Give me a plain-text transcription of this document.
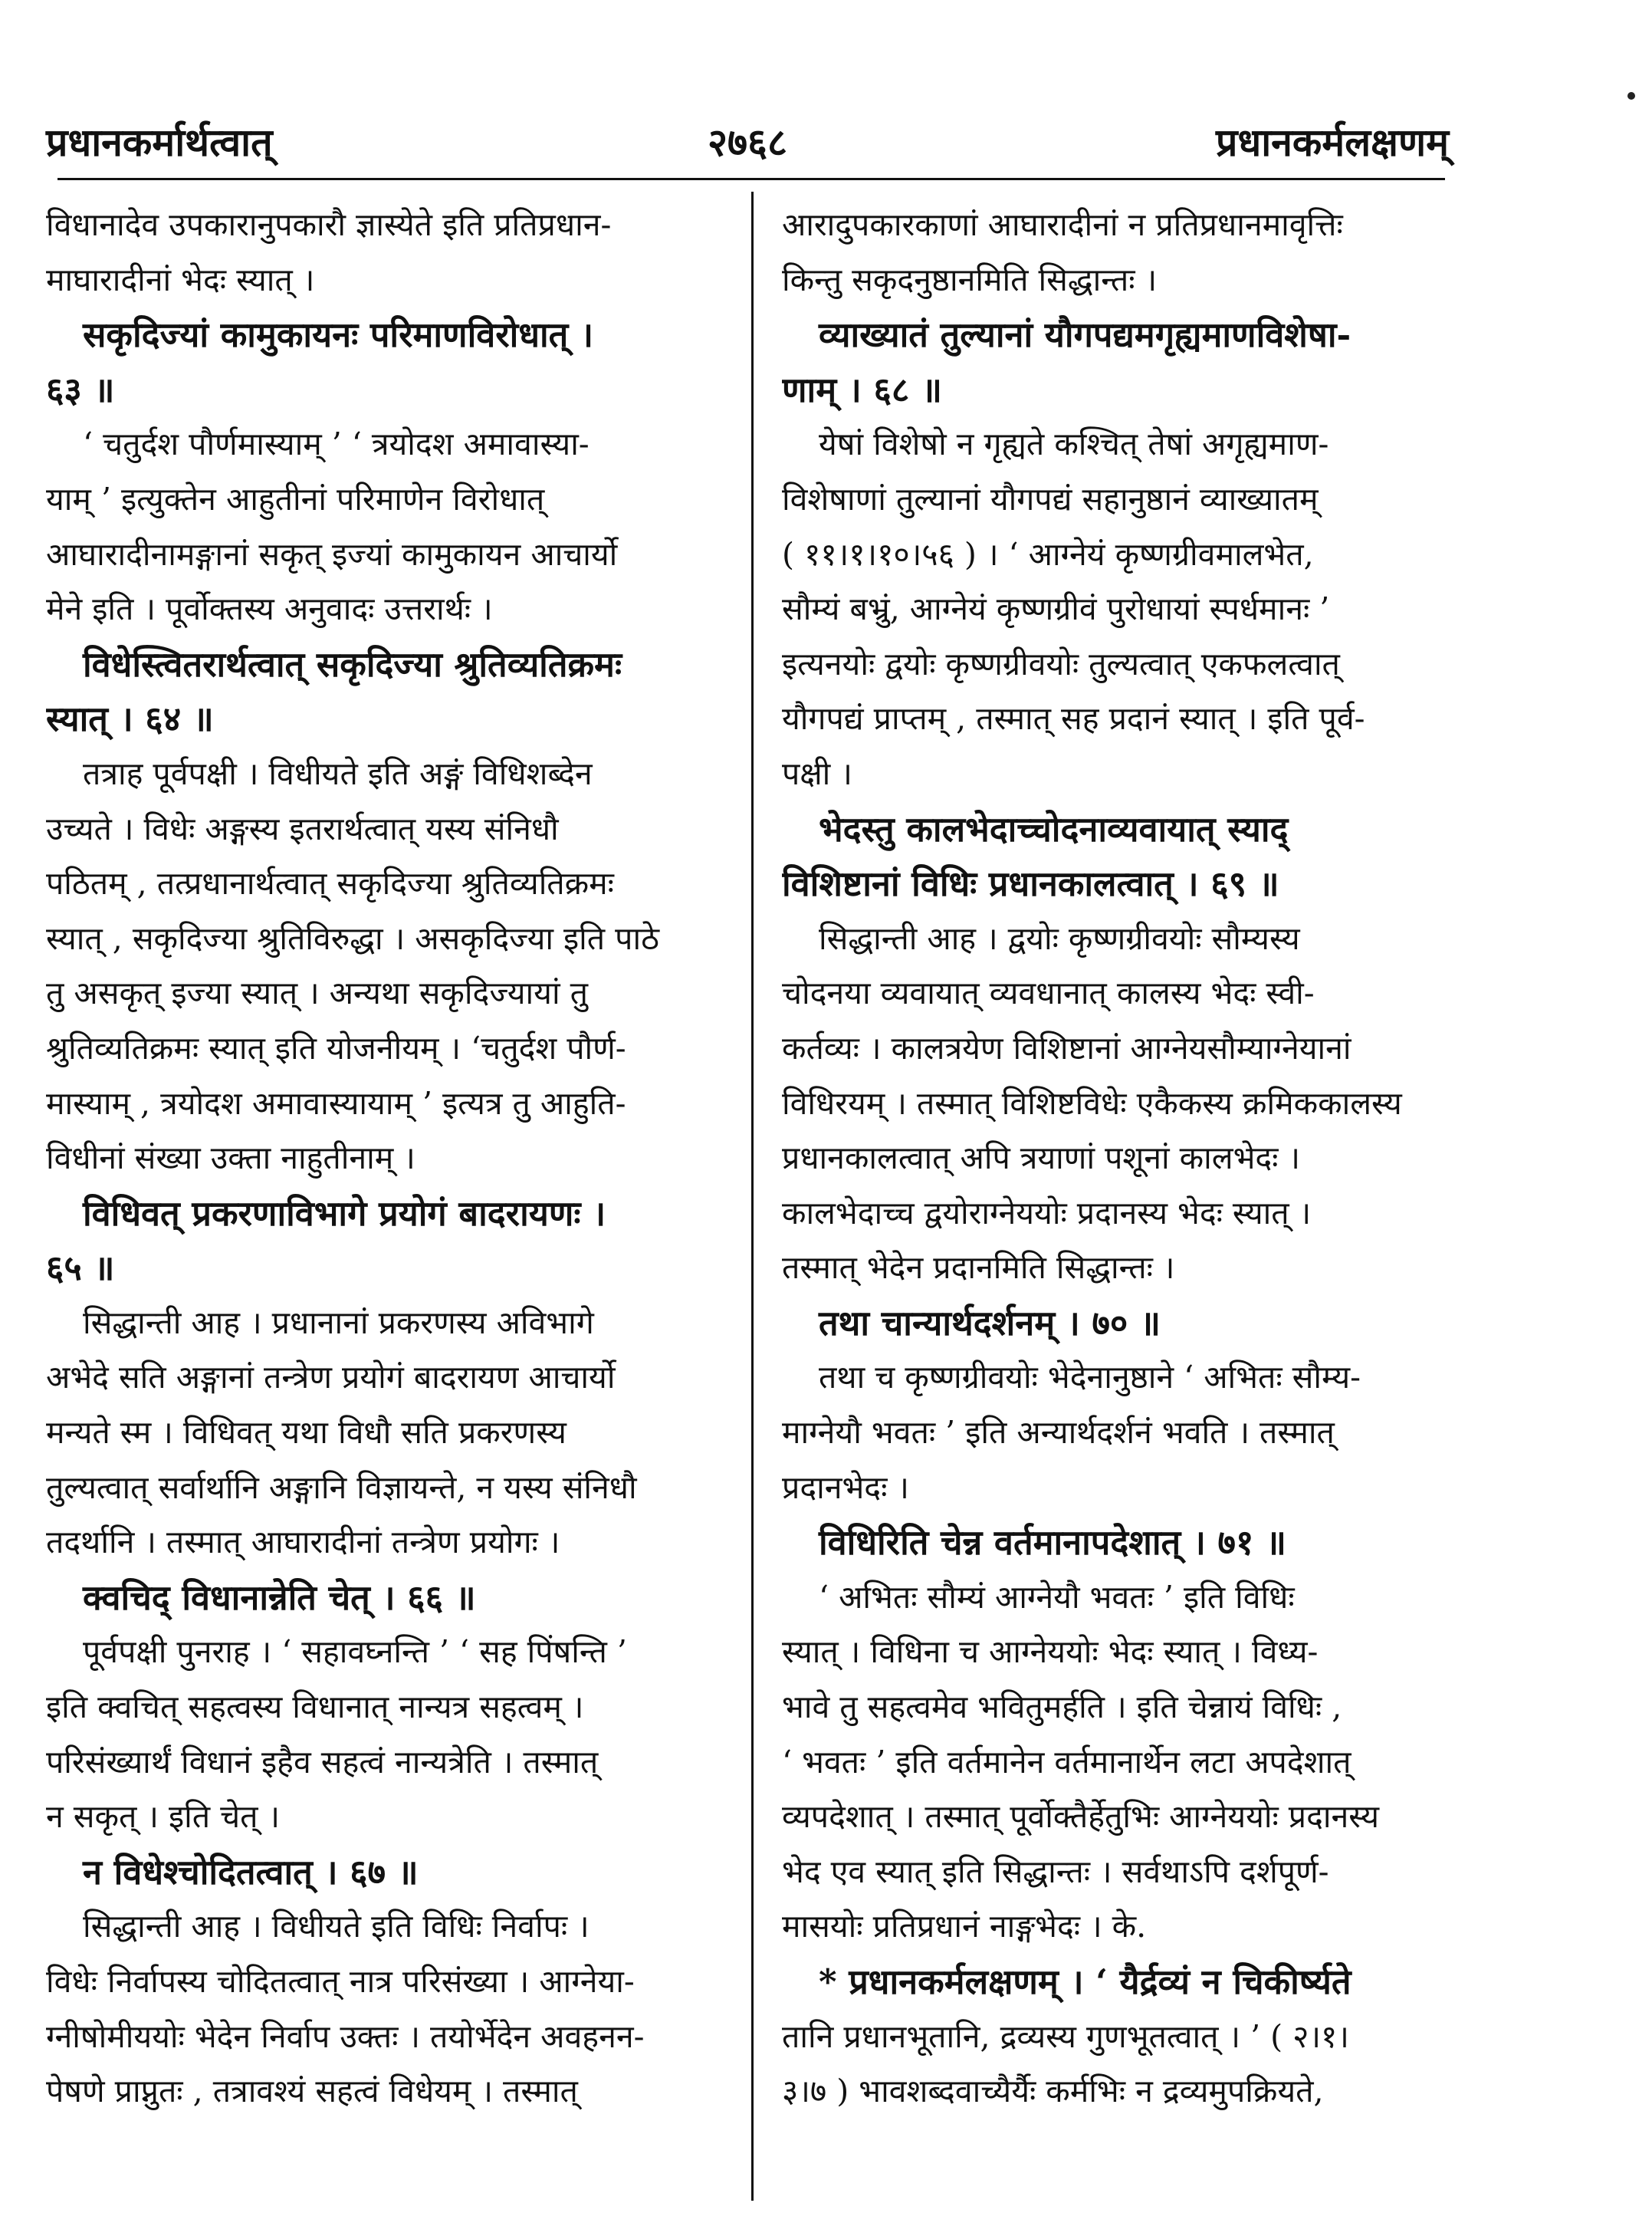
प्रधानकर्मार्थत्वात्	२७६८	प्रधानकर्मलक्षणम्
विधानादेव उपकारानुपकारौ ज्ञास्येते इति प्रतिप्रधान-
माघारादीनां भेदः स्यात् ।
सकृदिज्यां कामुकायनः परिमाणविरोधात् ।
६३ ॥
‘ चतुर्दश पौर्णमास्याम् ’ ‘ त्रयोदश अमावास्या-
याम् ’ इत्युक्तेन आहुतीनां परिमाणेन विरोधात्
आघारादीनामङ्गानां सकृत् इज्यां कामुकायन आचार्यो
मेने इति । पूर्वोक्तस्य अनुवादः उत्तरार्थः ।
विधेस्त्वितरार्थत्वात् सकृदिज्या श्रुतिव्यतिक्रमः
स्यात् । ६४ ॥
तत्राह पूर्वपक्षी । विधीयते इति अङ्गं विधिशब्देन
उच्यते । विधेः अङ्गस्य इतरार्थत्वात् यस्य संनिधौ
पठितम् , तत्प्रधानार्थत्वात् सकृदिज्या श्रुतिव्यतिक्रमः
स्यात् , सकृदिज्या श्रुतिविरुद्धा । असकृदिज्या इति पाठे
तु असकृत् इज्या स्यात् । अन्यथा सकृदिज्यायां तु
श्रुतिव्यतिक्रमः स्यात् इति योजनीयम् । ‘चतुर्दश पौर्ण-
मास्याम् , त्रयोदश अमावास्यायाम् ’ इत्यत्र तु आहुति-
विधीनां संख्या उक्ता नाहुतीनाम् ।
विधिवत् प्रकरणाविभागे प्रयोगं बादरायणः ।
६५ ॥
सिद्धान्ती आह । प्रधानानां प्रकरणस्य अविभागे
अभेदे सति अङ्गानां तन्त्रेण प्रयोगं बादरायण आचार्यो
मन्यते स्म । विधिवत् यथा विधौ सति प्रकरणस्य
तुल्यत्वात् सर्वार्थानि अङ्गानि विज्ञायन्ते, न यस्य संनिधौ
तदर्थानि । तस्मात् आघारादीनां तन्त्रेण प्रयोगः ।
क्वचिद् विधानान्नेति चेत् । ६६ ॥
पूर्वपक्षी पुनराह । ‘ सहावघ्नन्ति ’ ‘ सह पिंषन्ति ’
इति क्वचित् सहत्वस्य विधानात् नान्यत्र सहत्वम् ।
परिसंख्यार्थं विधानं इहैव सहत्वं नान्यत्रेति । तस्मात्
न सकृत् । इति चेत् ।
न विधेश्चोदितत्वात् । ६७ ॥
सिद्धान्ती आह । विधीयते इति विधिः निर्वापः ।
विधेः निर्वापस्य चोदितत्वात् नात्र परिसंख्या । आग्नेया-
ग्नीषोमीययोः भेदेन निर्वाप उक्तः । तयोर्भेदेन अवहनन-
पेषणे प्राप्नुतः , तत्रावश्यं सहत्वं विधेयम् । तस्मात्
आरादुपकारकाणां आघारादीनां न प्रतिप्रधानमावृत्तिः
किन्तु सकृदनुष्ठानमिति सिद्धान्तः ।
व्याख्यातं तुल्यानां यौगपद्यमगृह्यमाणविशेषा-
णाम् । ६८ ॥
येषां विशेषो न गृह्यते कश्चित् तेषां अगृह्यमाण-
विशेषाणां तुल्यानां यौगपद्यं सहानुष्ठानं व्याख्यातम्
( ११।१।१०।५६ ) । ‘ आग्नेयं कृष्णग्रीवमालभेत,
सौम्यं बभ्रुं, आग्नेयं कृष्णग्रीवं पुरोधायां स्पर्धमानः ’
इत्यनयोः द्वयोः कृष्णग्रीवयोः तुल्यत्वात् एकफलत्वात्
यौगपद्यं प्राप्तम् , तस्मात् सह प्रदानं स्यात् । इति पूर्व-
पक्षी ।
भेदस्तु कालभेदाच्चोदनाव्यवायात् स्याद्
विशिष्टानां विधिः प्रधानकालत्वात् । ६९ ॥
सिद्धान्ती आह । द्वयोः कृष्णग्रीवयोः सौम्यस्य
चोदनया व्यवायात् व्यवधानात् कालस्य भेदः स्वी-
कर्तव्यः । कालत्रयेण विशिष्टानां आग्नेयसौम्याग्नेयानां
विधिरयम् । तस्मात् विशिष्टविधेः एकैकस्य क्रमिककालस्य
प्रधानकालत्वात् अपि त्रयाणां पशूनां कालभेदः ।
कालभेदाच्च द्वयोराग्नेययोः प्रदानस्य भेदः स्यात् ।
तस्मात् भेदेन प्रदानमिति सिद्धान्तः ।
तथा चान्यार्थदर्शनम् । ७० ॥
तथा च कृष्णग्रीवयोः भेदेनानुष्ठाने ‘ अभितः सौम्य-
माग्नेयौ भवतः ’ इति अन्यार्थदर्शनं भवति । तस्मात्
प्रदानभेदः ।
विधिरिति चेन्न वर्तमानापदेशात् । ७१ ॥
‘ अभितः सौम्यं आग्नेयौ भवतः ’ इति विधिः
स्यात् । विधिना च आग्नेययोः भेदः स्यात् । विध्य-
भावे तु सहत्वमेव भवितुमर्हति । इति चेन्नायं विधिः ,
‘ भवतः ’ इति वर्तमानेन वर्तमानार्थेन लटा अपदेशात्
व्यपदेशात् । तस्मात् पूर्वोक्तैर्हेतुभिः आग्नेययोः प्रदानस्य
भेद एव स्यात् इति सिद्धान्तः । सर्वथाऽपि दर्शपूर्ण-
मासयोः प्रतिप्रधानं नाङ्गभेदः । के.
* प्रधानकर्मलक्षणम् । ‘ यैर्द्रव्यं न चिकीर्ष्यते
तानि प्रधानभूतानि, द्रव्यस्य गुणभूतत्वात् । ’ ( २।१।
३।७ ) भावशब्दवाच्यैर्यैः कर्मभिः न द्रव्यमुपक्रियते,
